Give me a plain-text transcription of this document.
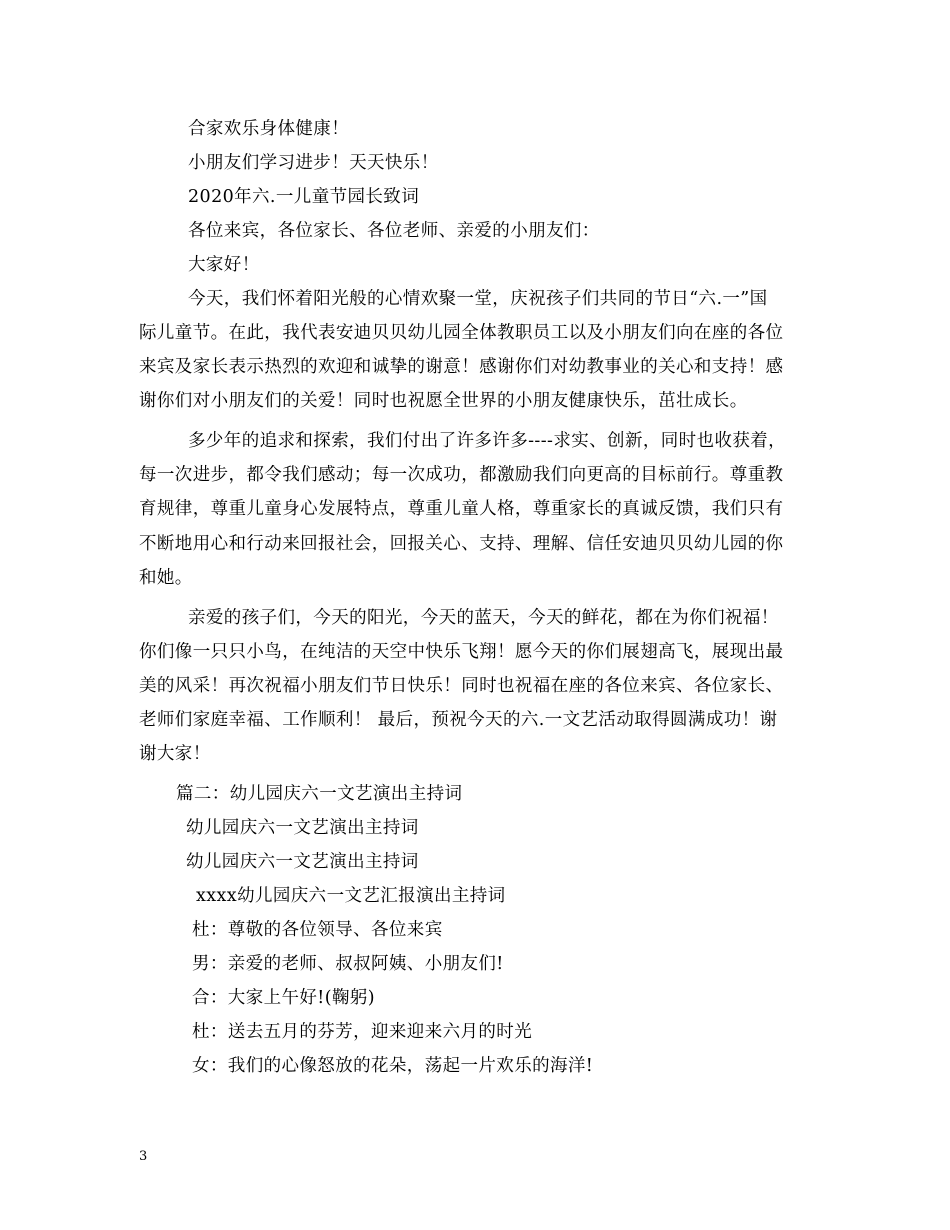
合家欢乐身体健康！
小朋友们学习进步！天天快乐！
2020年六.一儿童节园长致词
各位来宾，各位家长、各位老师、亲爱的小朋友们：
大家好！
今天，我们怀着阳光般的心情欢聚一堂，庆祝孩子们共同的节日“六.一”国
际儿童节。在此，我代表安迪贝贝幼儿园全体教职员工以及小朋友们向在座的各位
来宾及家长表示热烈的欢迎和诚挚的谢意！感谢你们对幼教事业的关心和支持！感
谢你们对小朋友们的关爱！同时也祝愿全世界的小朋友健康快乐，茁壮成长。
多少年的追求和探索，我们付出了许多许多----求实、创新，同时也收获着，
每一次进步，都令我们感动；每一次成功，都激励我们向更高的目标前行。尊重教
育规律，尊重儿童身心发展特点，尊重儿童人格，尊重家长的真诚反馈，我们只有
不断地用心和行动来回报社会，回报关心、支持、理解、信任安迪贝贝幼儿园的你
和她。
亲爱的孩子们，今天的阳光，今天的蓝天，今天的鲜花，都在为你们祝福！
你们像一只只小鸟，在纯洁的天空中快乐飞翔！愿今天的你们展翅高飞，展现出最
美的风采！再次祝福小朋友们节日快乐！同时也祝福在座的各位来宾、各位家长、
老师们家庭幸福、工作顺利！ 最后，预祝今天的六.一文艺活动取得圆满成功！谢
谢大家！
篇二：幼儿园庆六一文艺演出主持词
幼儿园庆六一文艺演出主持词
幼儿园庆六一文艺演出主持词
xxxx幼儿园庆六一文艺汇报演出主持词
杜：尊敬的各位领导、各位来宾
男：亲爱的老师、叔叔阿姨、小朋友们!
合：大家上午好!(鞠躬)
杜：送去五月的芬芳，迎来迎来六月的时光
女：我们的心像怒放的花朵，荡起一片欢乐的海洋!
3
